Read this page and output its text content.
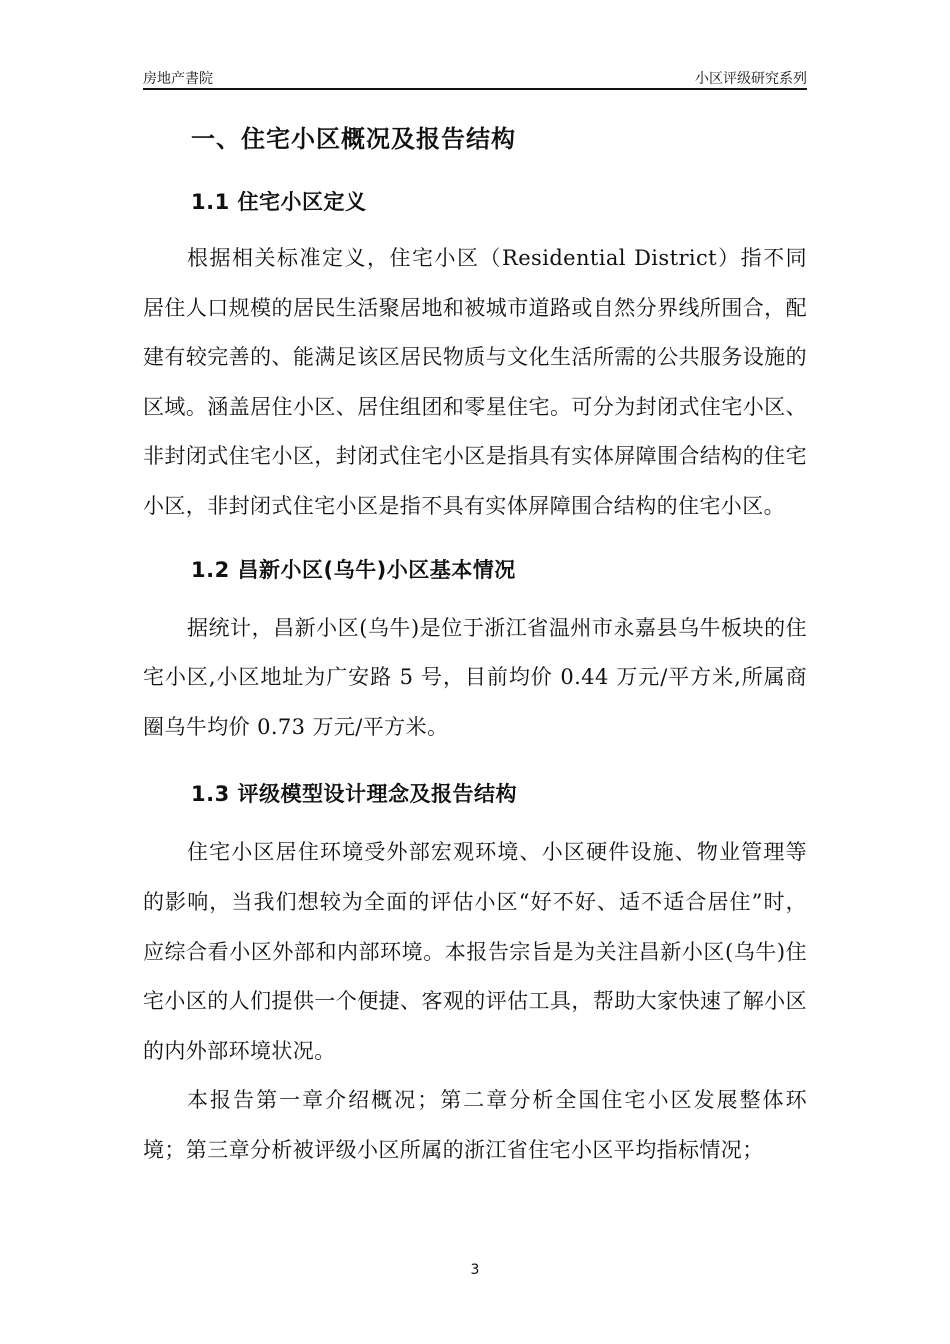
房地产書院	小区评级研究系列
一、住宅小区概况及报告结构
1.1 住宅小区定义

根据相关标准定义，住宅小区（Residential District）指不同居住人口规模的居民生活聚居地和被城市道路或自然分界线所围合，配建有较完善的、能满足该区居民物质与文化生活所需的公共服务设施的区域。涵盖居住小区、居住组团和零星住宅。可分为封闭式住宅小区、非封闭式住宅小区，封闭式住宅小区是指具有实体屏障围合结构的住宅小区，非封闭式住宅小区是指不具有实体屏障围合结构的住宅小区。

1.2 昌新小区(乌牛)小区基本情况

据统计，昌新小区(乌牛)是位于浙江省温州市永嘉县乌牛板块的住宅小区,小区地址为广安路 5 号，目前均价 0.44 万元/平方米,所属商圈乌牛均价 0.73 万元/平方米。

1.3 评级模型设计理念及报告结构

住宅小区居住环境受外部宏观环境、小区硬件设施、物业管理等的影响，当我们想较为全面的评估小区“好不好、适不适合居住”时，应综合看小区外部和内部环境。本报告宗旨是为关注昌新小区(乌牛)住宅小区的人们提供一个便捷、客观的评估工具，帮助大家快速了解小区的内外部环境状况。

本报告第一章介绍概况；第二章分析全国住宅小区发展整体环境；第三章分析被评级小区所属的浙江省住宅小区平均指标情况；

3
